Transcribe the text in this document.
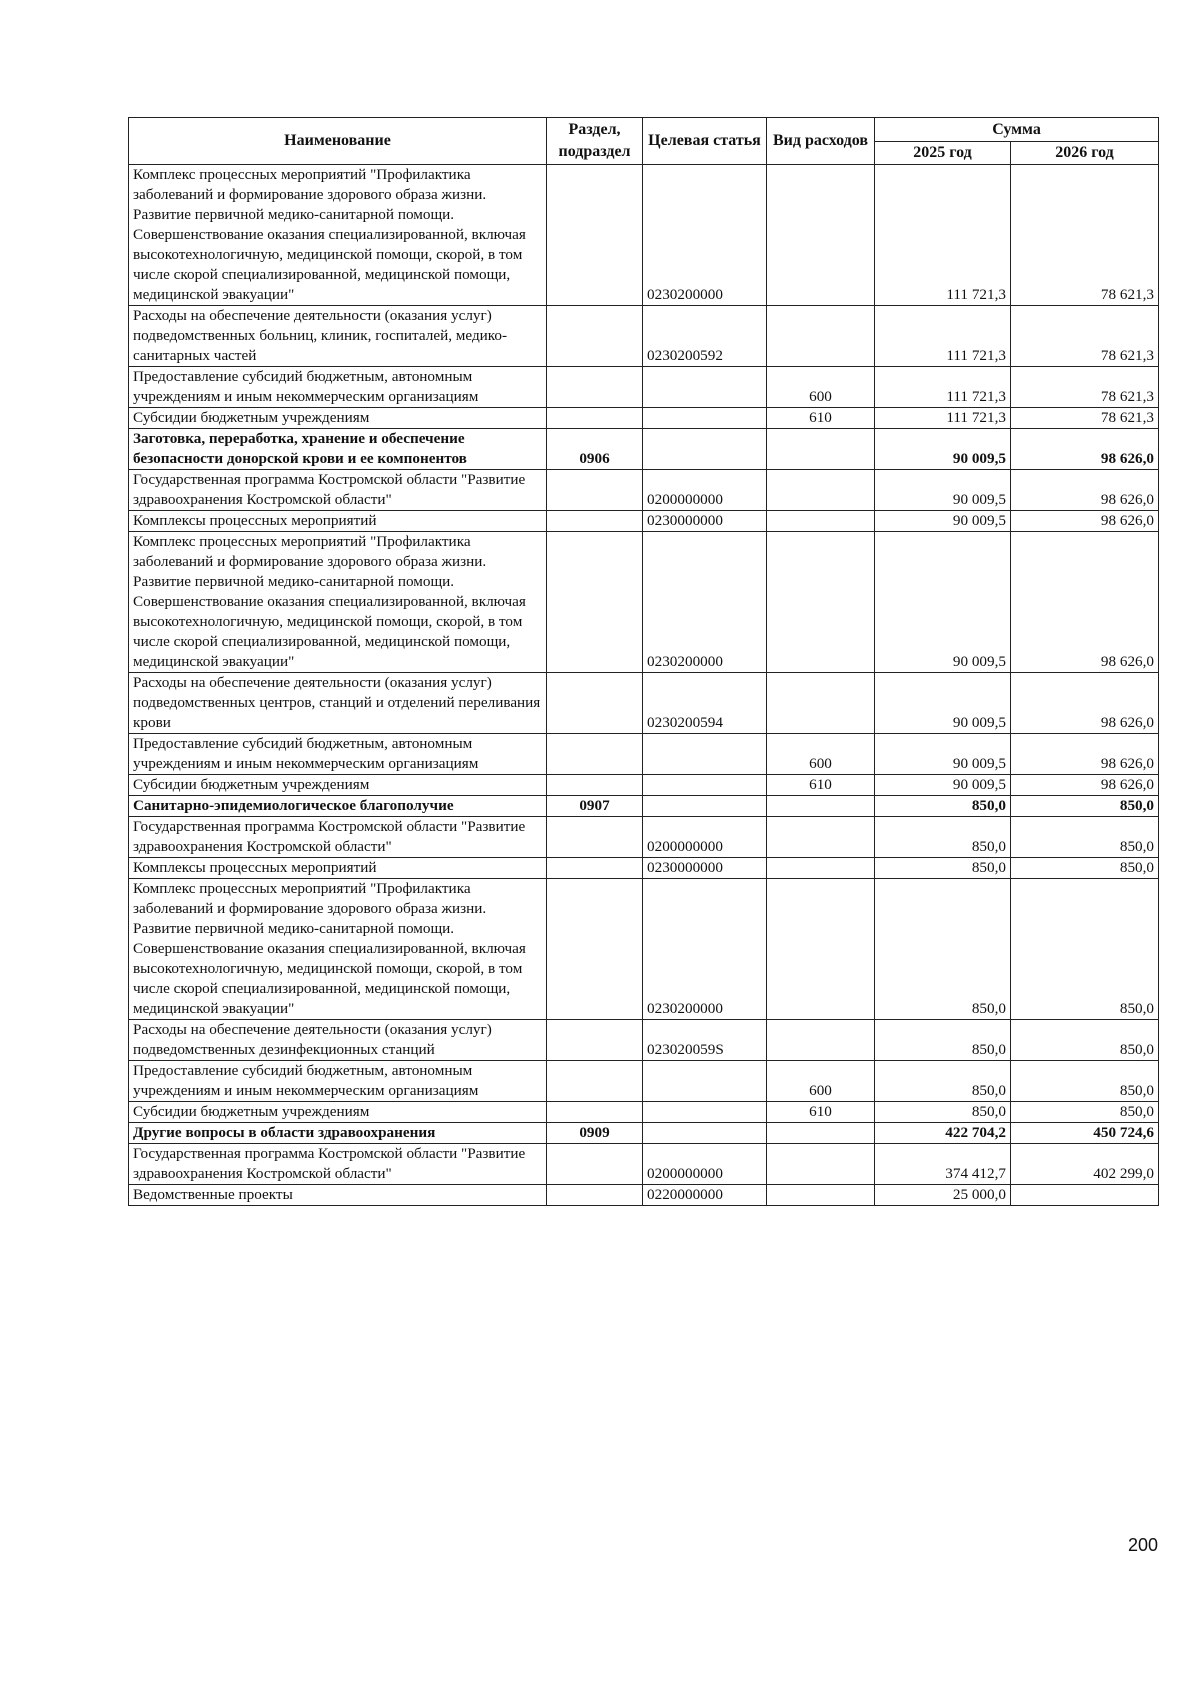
Наименование	Раздел, подраздел	Целевая статья	Вид расходов	Сумма	
				2025 год	2026 год
Комплекс процессных мероприятий "Профилактика заболеваний и формирование здорового образа жизни. Развитие первичной медико-санитарной помощи. Совершенствование оказания специализированной, включая высокотехнологичную, медицинской помощи, скорой, в том числе скорой специализированной, медицинской помощи, медицинской эвакуации"		0230200000		111 721,3	78 621,3
Расходы на обеспечение деятельности (оказания услуг) подведомственных больниц, клиник, госпиталей, медико-санитарных частей		0230200592		111 721,3	78 621,3
Предоставление субсидий бюджетным, автономным учреждениям и иным некоммерческим организациям			600	111 721,3	78 621,3
Субсидии бюджетным учреждениям			610	111 721,3	78 621,3
Заготовка, переработка, хранение и обеспечение безопасности донорской крови и ее компонентов	0906			90 009,5	98 626,0
Государственная программа Костромской области "Развитие здравоохранения Костромской области"		0200000000		90 009,5	98 626,0
Комплексы процессных мероприятий		0230000000		90 009,5	98 626,0
Комплекс процессных мероприятий "Профилактика заболеваний и формирование здорового образа жизни. Развитие первичной медико-санитарной помощи. Совершенствование оказания специализированной, включая высокотехнологичную, медицинской помощи, скорой, в том числе скорой специализированной, медицинской помощи, медицинской эвакуации"		0230200000		90 009,5	98 626,0
Расходы на обеспечение деятельности (оказания услуг) подведомственных центров, станций и отделений переливания крови		0230200594		90 009,5	98 626,0
Предоставление субсидий бюджетным, автономным учреждениям и иным некоммерческим организациям			600	90 009,5	98 626,0
Субсидии бюджетным учреждениям			610	90 009,5	98 626,0
Санитарно-эпидемиологическое благополучие	0907			850,0	850,0
Государственная программа Костромской области "Развитие здравоохранения Костромской области"		0200000000		850,0	850,0
Комплексы процессных мероприятий		0230000000		850,0	850,0
Комплекс процессных мероприятий "Профилактика заболеваний и формирование здорового образа жизни. Развитие первичной медико-санитарной помощи. Совершенствование оказания специализированной, включая высокотехнологичную, медицинской помощи, скорой, в том числе скорой специализированной, медицинской помощи, медицинской эвакуации"		0230200000		850,0	850,0
Расходы на обеспечение деятельности (оказания услуг) подведомственных дезинфекционных станций		023020059S		850,0	850,0
Предоставление субсидий бюджетным, автономным учреждениям и иным некоммерческим организациям			600	850,0	850,0
Субсидии бюджетным учреждениям			610	850,0	850,0
Другие вопросы в области здравоохранения	0909			422 704,2	450 724,6
Государственная программа Костромской области "Развитие здравоохранения Костромской области"		0200000000		374 412,7	402 299,0
Ведомственные проекты		0220000000		25 000,0	
200
